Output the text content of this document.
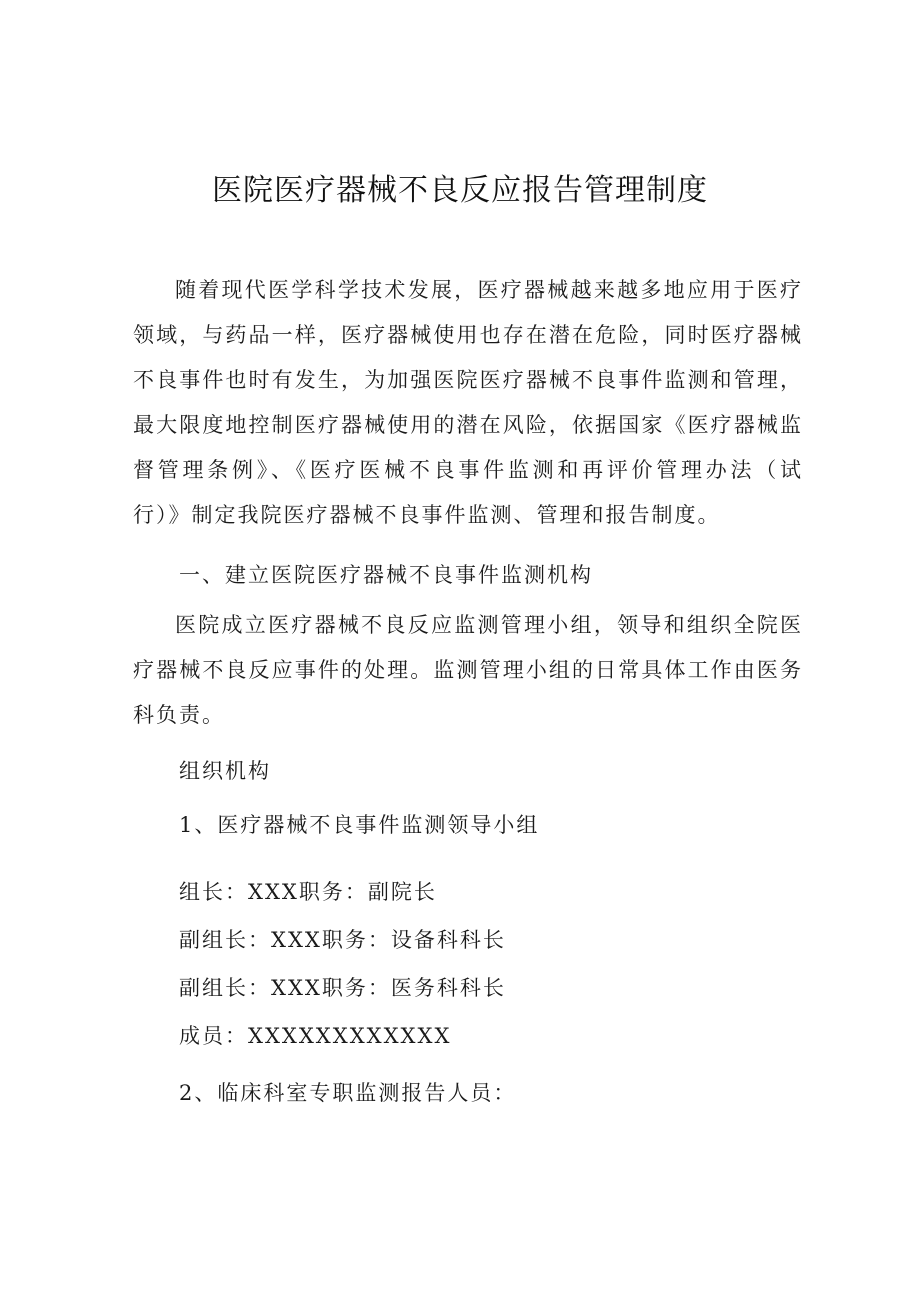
医院医疗器械不良反应报告管理制度

随着现代医学科学技术发展，医疗器械越来越多地应用于医疗领域，与药品一样，医疗器械使用也存在潜在危险，同时医疗器械不良事件也时有发生，为加强医院医疗器械不良事件监测和管理，最大限度地控制医疗器械使用的潜在风险，依据国家《医疗器械监督管理条例》、《医疗医械不良事件监测和再评价管理办法（试行）》制定我院医疗器械不良事件监测、管理和报告制度。

一、建立医院医疗器械不良事件监测机构

医院成立医疗器械不良反应监测管理小组，领导和组织全院医疗器械不良反应事件的处理。监测管理小组的日常具体工作由医务科负责。

组织机构

1、医疗器械不良事件监测领导小组

组长：XXX职务：副院长

副组长：XXX职务：设备科科长

副组长：XXX职务：医务科科长

成员：XXXXXXXXXXXX

2、临床科室专职监测报告人员：
